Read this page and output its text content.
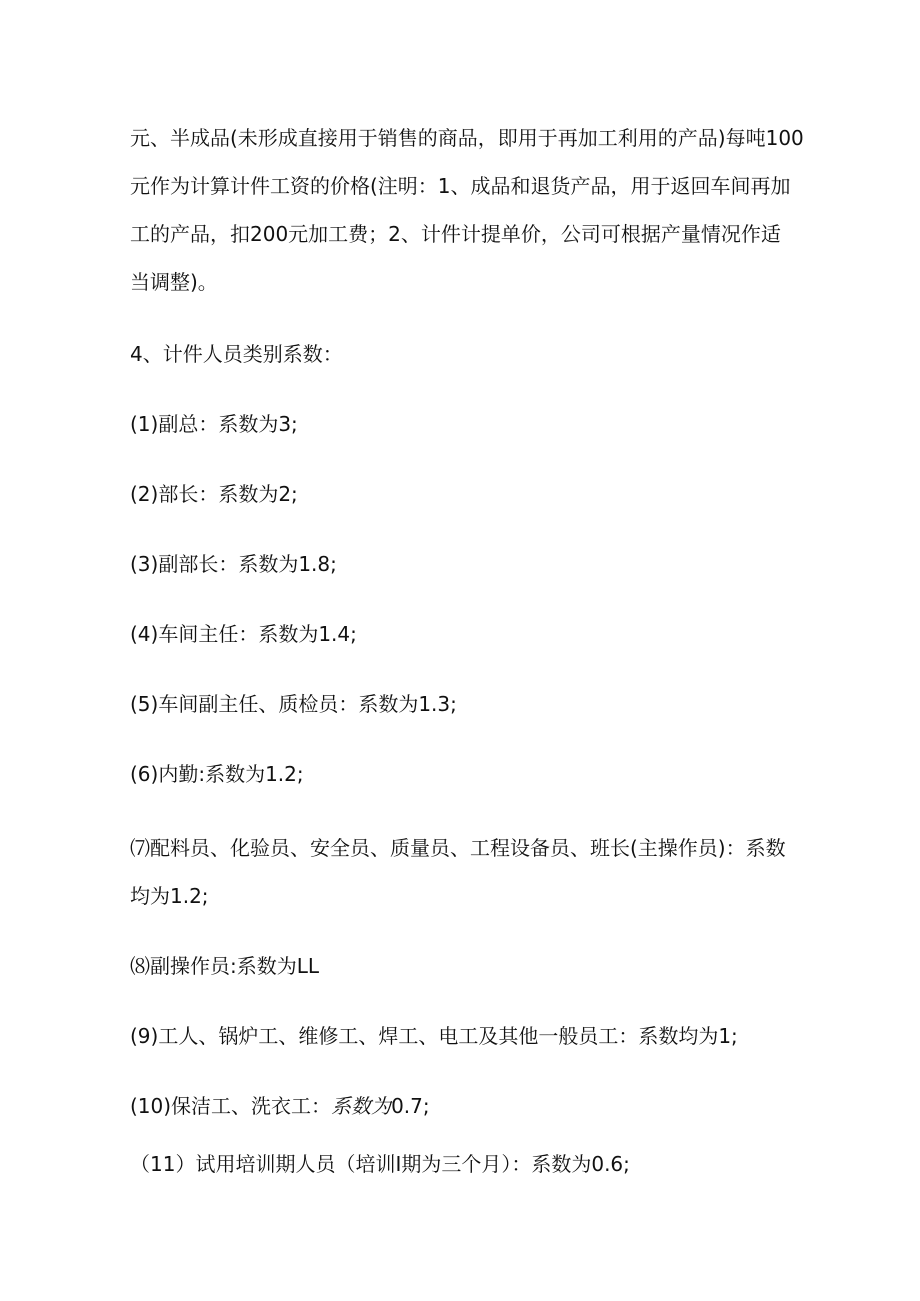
元、半成品(未形成直接用于销售的商品，即用于再加工利用的产品)每吨100
元作为计算计件工资的价格(注明：1、成品和退货产品，用于返回车间再加
工的产品，扣200元加工费；2、计件计提单价，公司可根据产量情况作适
当调整)。

4、计件人员类别系数：

(1)副总：系数为3;

(2)部长：系数为2;

(3)副部长：系数为1.8;

(4)车间主任：系数为1.4;

(5)车间副主任、质检员：系数为1.3;

(6)内勤:系数为1.2;

⑺配料员、化验员、安全员、质量员、工程设备员、班长(主操作员)：系数
均为1.2;

⑻副操作员:系数为LL

(9)工人、锅炉工、维修工、焊工、电工及其他一般员工：系数均为1;

(10)保洁工、洗衣工：系数为0.7;

（11）试用培训期人员（培训Ⅰ期为三个月）：系数为0.6;
